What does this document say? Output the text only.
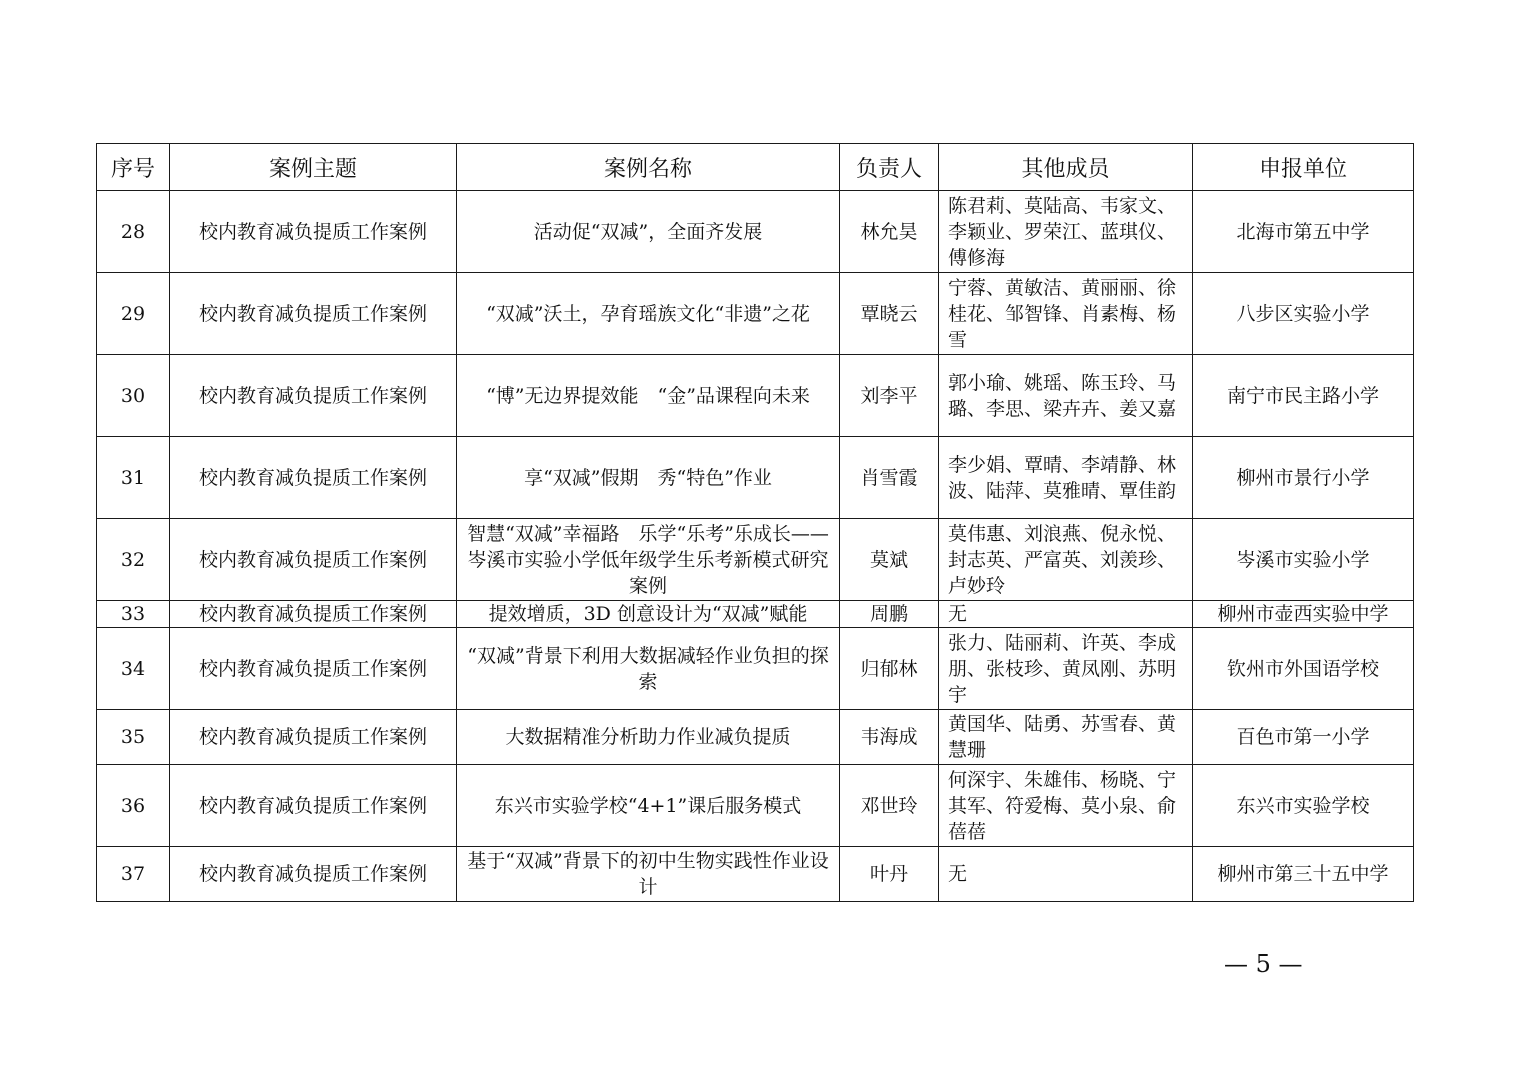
序号	案例主题	案例名称	负责人	其他成员	申报单位
28	校内教育减负提质工作案例	活动促“双减”，全面齐发展	林允昊	陈君莉、莫陆高、韦家文、李颖业、罗荣江、蓝琪仪、傅修海	北海市第五中学
29	校内教育减负提质工作案例	“双减”沃土，孕育瑶族文化“非遗”之花	覃晓云	宁蓉、黄敏洁、黄丽丽、徐桂花、邹智锋、肖素梅、杨雪	八步区实验小学
30	校内教育减负提质工作案例	“博”无边界提效能　“金”品课程向未来	刘李平	郭小瑜、姚瑶、陈玉玲、马璐、李思、梁卉卉、姜又嘉	南宁市民主路小学
31	校内教育减负提质工作案例	享“双减”假期　秀“特色”作业	肖雪霞	李少娟、覃晴、李靖静、林波、陆萍、莫雅晴、覃佳韵	柳州市景行小学
32	校内教育减负提质工作案例	智慧“双减”幸福路　乐学“乐考”乐成长——岑溪市实验小学低年级学生乐考新模式研究案例	莫斌	莫伟惠、刘浪燕、倪永悦、封志英、严富英、刘羡珍、卢妙玲	岑溪市实验小学
33	校内教育减负提质工作案例	提效增质，3D 创意设计为“双减”赋能	周鹏	无	柳州市壶西实验中学
34	校内教育减负提质工作案例	“双减”背景下利用大数据减轻作业负担的探索	归郁林	张力、陆丽莉、许英、李成朋、张枝珍、黄凤刚、苏明宇	钦州市外国语学校
35	校内教育减负提质工作案例	大数据精准分析助力作业减负提质	韦海成	黄国华、陆勇、苏雪春、黄慧珊	百色市第一小学
36	校内教育减负提质工作案例	东兴市实验学校“4+1”课后服务模式	邓世玲	何深宇、朱雄伟、杨晓、宁其军、符爱梅、莫小泉、俞蓓蓓	东兴市实验学校
37	校内教育减负提质工作案例	基于“双减”背景下的初中生物实践性作业设计	叶丹	无	柳州市第三十五中学
— 5 —
